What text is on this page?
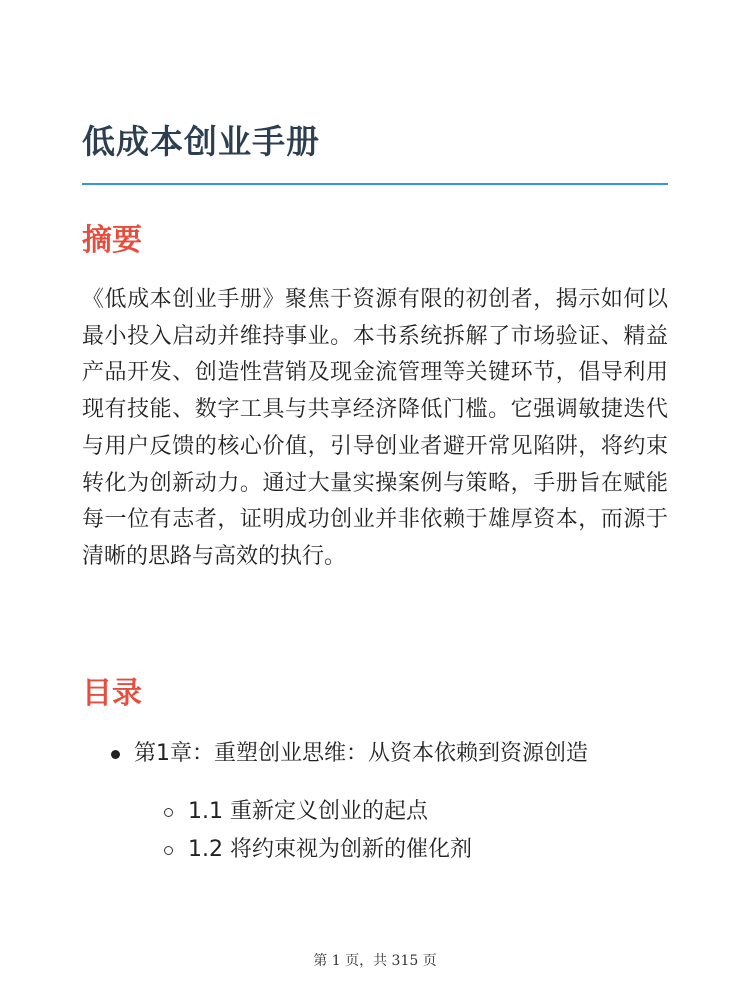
低成本创业手册
摘要

《低成本创业手册》聚焦于资源有限的初创者，揭示如何以最小投入启动并维持事业。本书系统拆解了市场验证、精益产品开发、创造性营销及现金流管理等关键环节，倡导利用现有技能、数字工具与共享经济降低门槛。它强调敏捷迭代与用户反馈的核心价值，引导创业者避开常见陷阱，将约束转化为创新动力。通过大量实操案例与策略，手册旨在赋能每一位有志者，证明成功创业并非依赖于雄厚资本，而源于清晰的思路与高效的执行。

目录
第1章：重塑创业思维：从资本依赖到资源创造
1.1 重新定义创业的起点
1.2 将约束视为创新的催化剂
第 1 页，共 315 页
